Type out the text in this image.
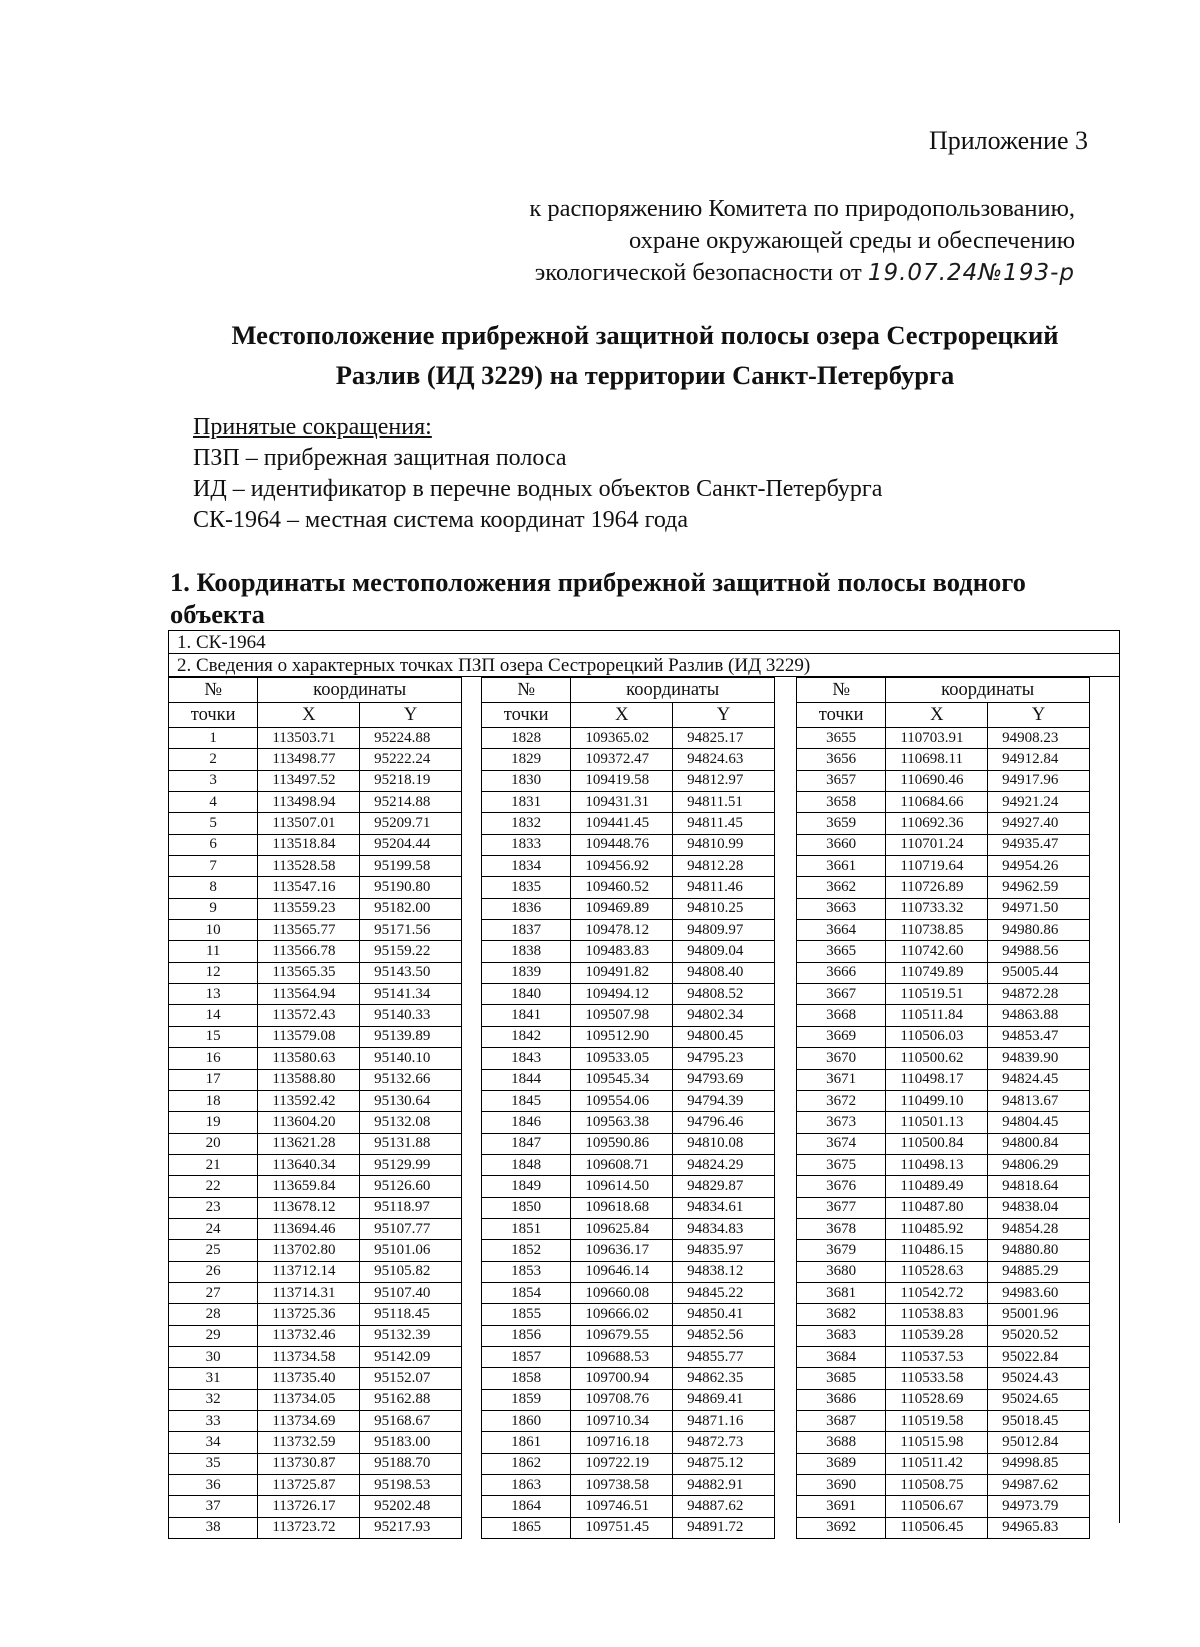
Приложение 3
к распоряжению Комитета по природопользованию,
охране окружающей среды и обеспечению
экологической безопасности от 19.07.24№193-р
Местоположение прибрежной защитной полосы озера Сестрорецкий
Разлив (ИД 3229) на территории Санкт-Петербурга
Принятые сокращения:
ПЗП – прибрежная защитная полоса
ИД – идентификатор в перечне водных объектов Санкт-Петербурга
СК-1964 – местная система координат 1964 года
1. Координаты местоположения прибрежной защитной полосы водного объекта
1. СК-1964
2. Сведения о характерных точках ПЗП озера Сестрорецкий Разлив (ИД 3229)
№	координаты	
точки	X	Y
1	113503.71	95224.88
2	113498.77	95222.24
3	113497.52	95218.19
4	113498.94	95214.88
5	113507.01	95209.71
6	113518.84	95204.44
7	113528.58	95199.58
8	113547.16	95190.80
9	113559.23	95182.00
10	113565.77	95171.56
11	113566.78	95159.22
12	113565.35	95143.50
13	113564.94	95141.34
14	113572.43	95140.33
15	113579.08	95139.89
16	113580.63	95140.10
17	113588.80	95132.66
18	113592.42	95130.64
19	113604.20	95132.08
20	113621.28	95131.88
21	113640.34	95129.99
22	113659.84	95126.60
23	113678.12	95118.97
24	113694.46	95107.77
25	113702.80	95101.06
26	113712.14	95105.82
27	113714.31	95107.40
28	113725.36	95118.45
29	113732.46	95132.39
30	113734.58	95142.09
31	113735.40	95152.07
32	113734.05	95162.88
33	113734.69	95168.67
34	113732.59	95183.00
35	113730.87	95188.70
36	113725.87	95198.53
37	113726.17	95202.48
38	113723.72	95217.93
№	координаты	
точки	X	Y
1828	109365.02	94825.17
1829	109372.47	94824.63
1830	109419.58	94812.97
1831	109431.31	94811.51
1832	109441.45	94811.45
1833	109448.76	94810.99
1834	109456.92	94812.28
1835	109460.52	94811.46
1836	109469.89	94810.25
1837	109478.12	94809.97
1838	109483.83	94809.04
1839	109491.82	94808.40
1840	109494.12	94808.52
1841	109507.98	94802.34
1842	109512.90	94800.45
1843	109533.05	94795.23
1844	109545.34	94793.69
1845	109554.06	94794.39
1846	109563.38	94796.46
1847	109590.86	94810.08
1848	109608.71	94824.29
1849	109614.50	94829.87
1850	109618.68	94834.61
1851	109625.84	94834.83
1852	109636.17	94835.97
1853	109646.14	94838.12
1854	109660.08	94845.22
1855	109666.02	94850.41
1856	109679.55	94852.56
1857	109688.53	94855.77
1858	109700.94	94862.35
1859	109708.76	94869.41
1860	109710.34	94871.16
1861	109716.18	94872.73
1862	109722.19	94875.12
1863	109738.58	94882.91
1864	109746.51	94887.62
1865	109751.45	94891.72
№	координаты	
точки	X	Y
3655	110703.91	94908.23
3656	110698.11	94912.84
3657	110690.46	94917.96
3658	110684.66	94921.24
3659	110692.36	94927.40
3660	110701.24	94935.47
3661	110719.64	94954.26
3662	110726.89	94962.59
3663	110733.32	94971.50
3664	110738.85	94980.86
3665	110742.60	94988.56
3666	110749.89	95005.44
3667	110519.51	94872.28
3668	110511.84	94863.88
3669	110506.03	94853.47
3670	110500.62	94839.90
3671	110498.17	94824.45
3672	110499.10	94813.67
3673	110501.13	94804.45
3674	110500.84	94800.84
3675	110498.13	94806.29
3676	110489.49	94818.64
3677	110487.80	94838.04
3678	110485.92	94854.28
3679	110486.15	94880.80
3680	110528.63	94885.29
3681	110542.72	94983.60
3682	110538.83	95001.96
3683	110539.28	95020.52
3684	110537.53	95022.84
3685	110533.58	95024.43
3686	110528.69	95024.65
3687	110519.58	95018.45
3688	110515.98	95012.84
3689	110511.42	94998.85
3690	110508.75	94987.62
3691	110506.67	94973.79
3692	110506.45	94965.83
